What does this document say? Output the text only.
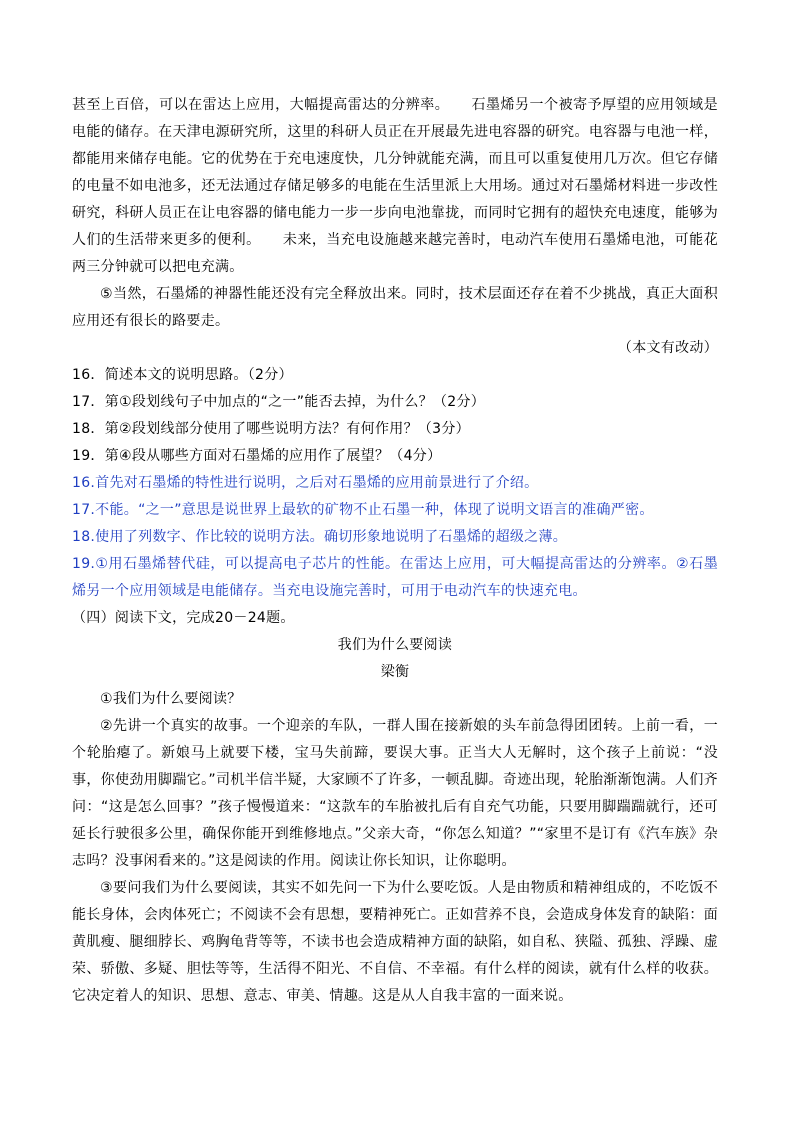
甚至上百倍，可以在雷达上应用，大幅提高雷达的分辨率。 石墨烯另一个被寄予厚望的应用领域是电能的储存。在天津电源研究所，这里的科研人员正在开展最先进电容器的研究。电容器与电池一样，都能用来储存电能。它的优势在于充电速度快，几分钟就能充满，而且可以重复使用几万次。但它存储的电量不如电池多，还无法通过存储足够多的电能在生活里派上大用场。通过对石墨烯材料进一步改性研究，科研人员正在让电容器的储电能力一步一步向电池靠拢，而同时它拥有的超快充电速度，能够为人们的生活带来更多的便利。 未来，当充电设施越来越完善时，电动汽车使用石墨烯电池，可能花两三分钟就可以把电充满。

⑤当然，石墨烯的神器性能还没有完全释放出来。同时，技术层面还存在着不少挑战，真正大面积应用还有很长的路要走。

（本文有改动）

16．简述本文的说明思路。（2分）

17．第①段划线句子中加点的“之一”能否去掉，为什么？（2分）

18．第②段划线部分使用了哪些说明方法？有何作用？（3分）

19．第④段从哪些方面对石墨烯的应用作了展望？（4分）

16.首先对石墨烯的特性进行说明，之后对石墨烯的应用前景进行了介绍。

17.不能。“之一”意思是说世界上最软的矿物不止石墨一种，体现了说明文语言的准确严密。

18.使用了列数字、作比较的说明方法。确切形象地说明了石墨烯的超级之薄。

19.①用石墨烯替代硅，可以提高电子芯片的性能。在雷达上应用，可大幅提高雷达的分辨率。②石墨烯另一个应用领域是电能储存。当充电设施完善时，可用于电动汽车的快速充电。

（四）阅读下文，完成20－24题。

我们为什么要阅读

梁衡

①我们为什么要阅读？

②先讲一个真实的故事。一个迎亲的车队，一群人围在接新娘的头车前急得团团转。上前一看，一个轮胎瘪了。新娘马上就要下楼，宝马失前蹄，要误大事。正当大人无解时，这个孩子上前说：“没事，你使劲用脚踹它。”司机半信半疑，大家顾不了许多，一顿乱脚。奇迹出现，轮胎渐渐饱满。人们齐问：“这是怎么回事？”孩子慢慢道来：“这款车的车胎被扎后有自充气功能，只要用脚踹踹就行，还可延长行驶很多公里，确保你能开到维修地点。”父亲大奇，“你怎么知道？”“家里不是订有《汽车族》杂志吗？没事闲看来的。”这是阅读的作用。阅读让你长知识，让你聪明。

③要问我们为什么要阅读，其实不如先问一下为什么要吃饭。人是由物质和精神组成的，不吃饭不能长身体，会肉体死亡；不阅读不会有思想，要精神死亡。正如营养不良，会造成身体发育的缺陷：面黄肌瘦、腿细脖长、鸡胸龟背等等，不读书也会造成精神方面的缺陷，如自私、狭隘、孤独、浮躁、虚荣、骄傲、多疑、胆怯等等，生活得不阳光、不自信、不幸福。有什么样的阅读，就有什么样的收获。它决定着人的知识、思想、意志、审美、情趣。这是从人自我丰富的一面来说。
